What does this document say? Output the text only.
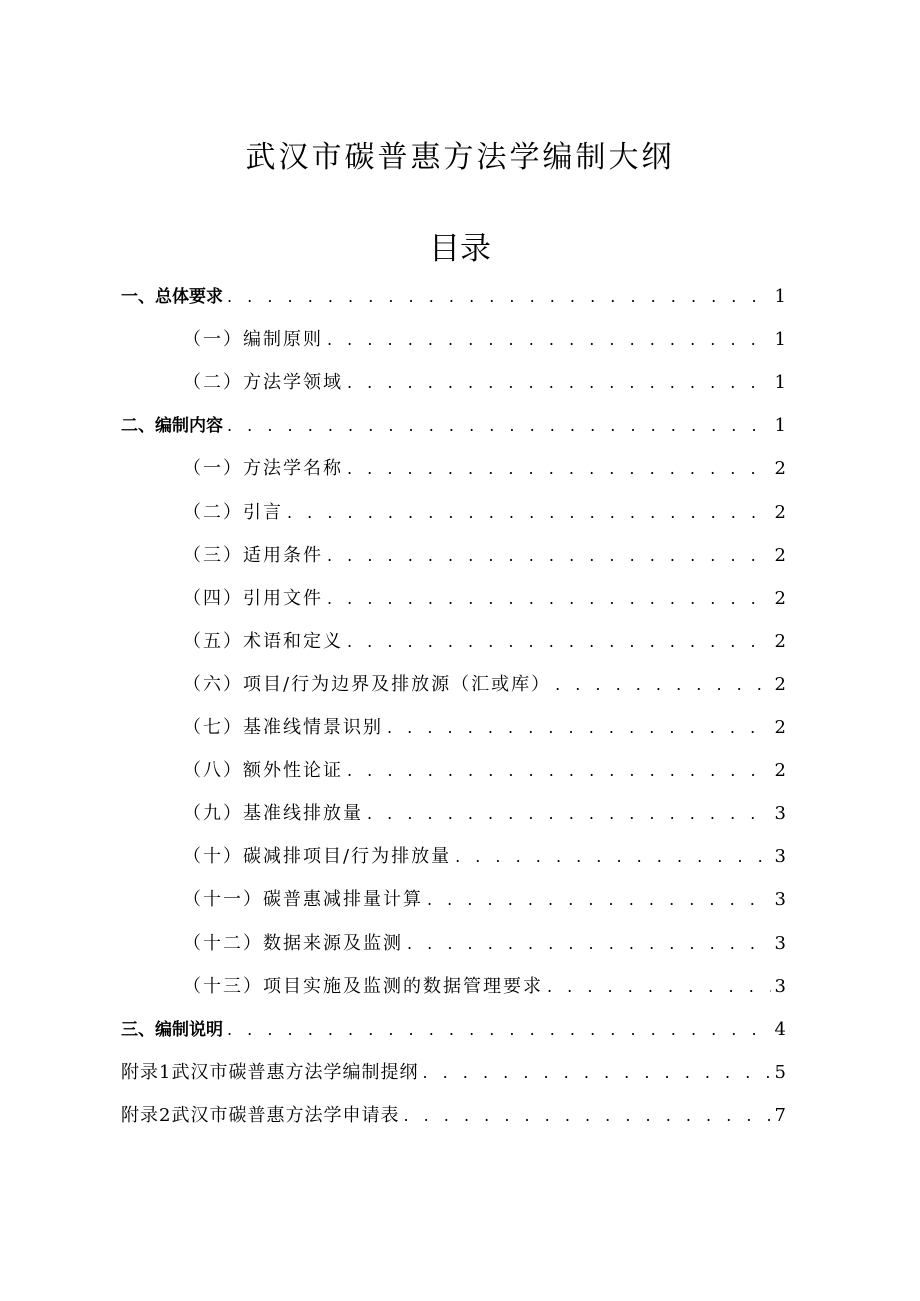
武汉市碳普惠方法学编制大纲
目录
一、总体要求 . . .	1
（一）编制原则 . . .	1
（二）方法学领域 . . .	1
二、编制内容 . . .	1
（一）方法学名称 . . .	2
（二）引言 . . .	2
（三）适用条件 . . .	2
（四）引用文件 . . .	2
（五）术语和定义 . . .	2
（六）项目/行为边界及排放源（汇或库） . . .	2
（七）基准线情景识别 . . .	2
（八）额外性论证 . . .	2
（九）基准线排放量 . . .	3
（十）碳减排项目/行为排放量 . . .	3
（十一）碳普惠减排量计算 . . .	3
（十二）数据来源及监测 . . .	3
（十三）项目实施及监测的数据管理要求 . . .	3
三、编制说明 . . .	4
附录1武汉市碳普惠方法学编制提纲 . . .	5
附录2武汉市碳普惠方法学申请表 . . .	7
